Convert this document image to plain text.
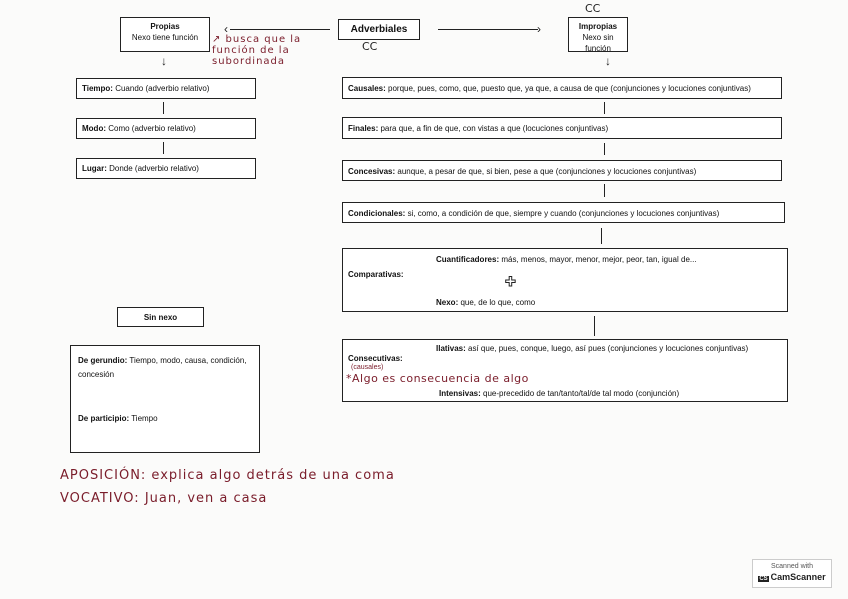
CC
Propias
Nexo tiene función	↗ busca que la función de la subordinada
‹	Adverbiales
CC
›	Impropias
Nexo sin función
↓	↓
Tiempo: Cuando (adverbio relativo)
Modo: Como (adverbio relativo)
Lugar: Donde (adverbio relativo)
Causales: porque, pues, como, que, puesto que, ya que, a causa de que (conjunciones y locuciones conjuntivas)
Finales: para que, a fin de que, con vistas a que (locuciones conjuntivas)
Concesivas: aunque, a pesar de que, si bien, pese a que (conjunciones y locuciones conjuntivas)
Condicionales: si, como, a condición de que, siempre y cuando (conjunciones y locuciones conjuntivas)
Comparativas:
Cuantificadores: más, menos, mayor, menor, mejor, peor, tan, igual de...
✚
Nexo: que, de lo que, como
Ilativas: así que, pues, conque, luego, así pues (conjunciones y locuciones conjuntivas)
Consecutivas:
(causales)
*Algo es consecuencia de algo
Intensivas: que-precedido de tan/tanto/tal/de tal modo (conjunción)
Sin nexo
De gerundio: Tiempo, modo, causa, condición, concesión
De participio: Tiempo
APOSICIÓN: explica algo detrás de una coma
VOCATIVO: Juan, ven a casa
Scanned with
CS CamScanner
